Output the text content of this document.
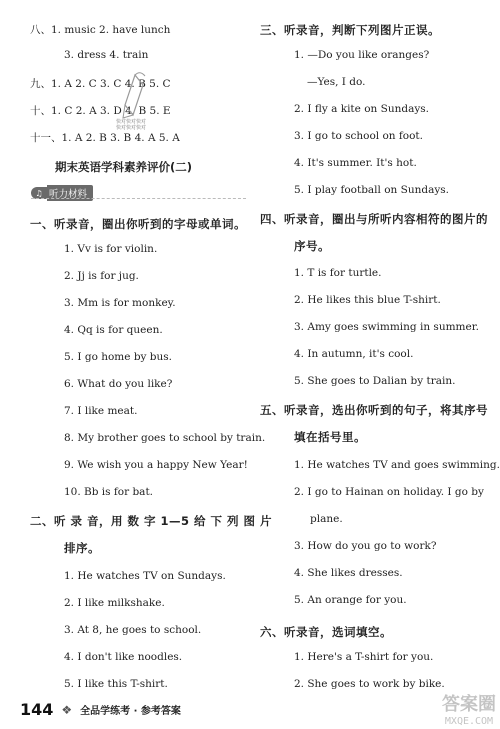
八、1. music 2. have lunch
3. dress 4. train
九、1. A 2. C 3. C 4. B 5. C
十、1. C 2. A 3. D 4. B 5. E
快对快对快对
快对快对快对
十一、1. A 2. B 3. B 4. A 5. A
期末英语学科素养评价(二)
♫ 听力材料
一、听录音，圈出你听到的字母或单词。
1. Vv is for violin.
2. Jj is for jug.
3. Mm is for monkey.
4. Qq is for queen.
5. I go home by bus.
6. What do you like?
7. I like meat.
8. My brother goes to school by train.
9. We wish you a happy New Year!
10. Bb is for bat.
二、听 录 音，用 数 字 1—5 给 下 列 图 片
排序。
1. He watches TV on Sundays.
2. I like milkshake.
3. At 8, he goes to school.
4. I don't like noodles.
5. I like this T-shirt.
三、听录音，判断下列图片正误。
1. —Do you like oranges?
—Yes, I do.
2. I fly a kite on Sundays.
3. I go to school on foot.
4. It's summer. It's hot.
5. I play football on Sundays.
四、听录音，圈出与所听内容相符的图片的
序号。
1. T is for turtle.
2. He likes this blue T-shirt.
3. Amy goes swimming in summer.
4. In autumn, it's cool.
5. She goes to Dalian by train.
五、听录音，选出你听到的句子，将其序号
填在括号里。
1. He watches TV and goes swimming.
2. I go to Hainan on holiday. I go by
plane.
3. How do you go to work?
4. She likes dresses.
5. An orange for you.
六、听录音，选词填空。
1. Here's a T-shirt for you.
2. She goes to work by bike.
144 ❖ 全品学练考 · 参考答案	答案圈
MXQE.COM
